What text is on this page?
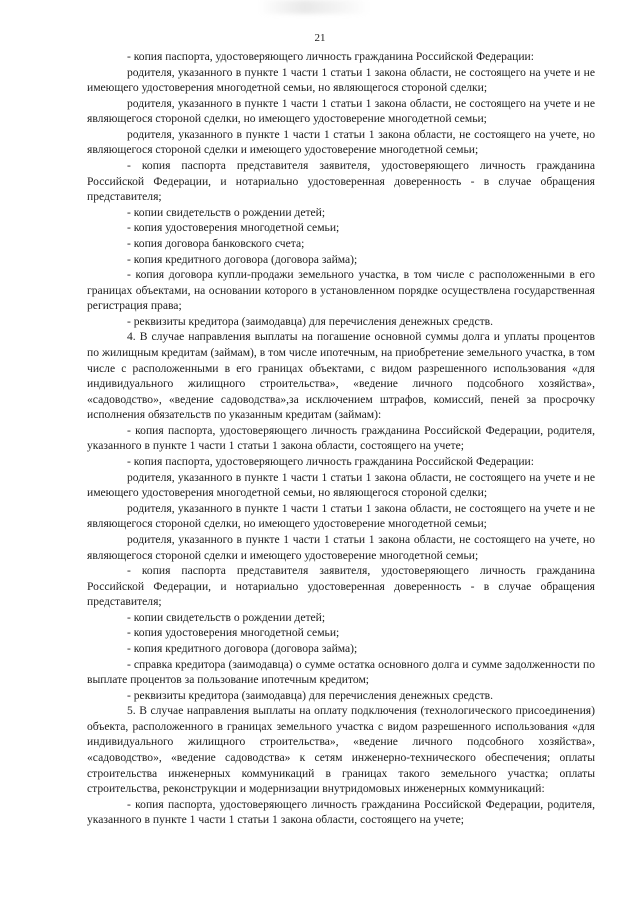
21

- копия паспорта, удостоверяющего личность гражданина Российской Федерации:

родителя, указанного в пункте 1 части 1 статьи 1 закона области, не состоящего на учете и не имеющего удостоверения многодетной семьи, но являющегося стороной сделки;

родителя, указанного в пункте 1 части 1 статьи 1 закона области, не состоящего на учете и не являющегося стороной сделки, но имеющего удостоверение многодетной семьи;

родителя, указанного в пункте 1 части 1 статьи 1 закона области, не состоящего на учете, но являющегося стороной сделки и имеющего удостоверение многодетной семьи;

- копия паспорта представителя заявителя, удостоверяющего личность гражданина Российской Федерации, и нотариально удостоверенная доверенность - в случае обращения представителя;

- копии свидетельств о рождении детей;

- копия удостоверения многодетной семьи;

- копия договора банковского счета;

- копия кредитного договора (договора займа);

- копия договора купли-продажи земельного участка, в том числе с расположенными в его границах объектами, на основании которого в установленном порядке осуществлена государственная регистрация права;

- реквизиты кредитора (заимодавца) для перечисления денежных средств.

4. В случае направления выплаты на погашение основной суммы долга и уплаты процентов по жилищным кредитам (займам), в том числе ипотечным, на приобретение земельного участка, в том числе с расположенными в его границах объектами, с видом разрешенного использования «для индивидуального жилищного строительства», «ведение личного подсобного хозяйства», «садоводство», «ведение садоводства»,за исключением штрафов, комиссий, пеней за просрочку исполнения обязательств по указанным кредитам (займам):

- копия паспорта, удостоверяющего личность гражданина Российской Федерации, родителя, указанного в пункте 1 части 1 статьи 1 закона области, состоящего на учете;

- копия паспорта, удостоверяющего личность гражданина Российской Федерации:

родителя, указанного в пункте 1 части 1 статьи 1 закона области, не состоящего на учете и не имеющего удостоверения многодетной семьи, но являющегося стороной сделки;

родителя, указанного в пункте 1 части 1 статьи 1 закона области, не состоящего на учете и не являющегося стороной сделки, но имеющего удостоверение многодетной семьи;

родителя, указанного в пункте 1 части 1 статьи 1 закона области, не состоящего на учете, но являющегося стороной сделки и имеющего удостоверение многодетной семьи;

- копия паспорта представителя заявителя, удостоверяющего личность гражданина Российской Федерации, и нотариально удостоверенная доверенность - в случае обращения представителя;

- копии свидетельств о рождении детей;

- копия удостоверения многодетной семьи;

- копия кредитного договора (договора займа);

- справка кредитора (заимодавца) о сумме остатка основного долга и сумме задолженности по выплате процентов за пользование ипотечным кредитом;

- реквизиты кредитора (заимодавца) для перечисления денежных средств.

5. В случае направления выплаты на оплату подключения (технологического присоединения) объекта, расположенного в границах земельного участка с видом разрешенного использования «для индивидуального жилищного строительства», «ведение личного подсобного хозяйства», «садоводство», «ведение садоводства» к сетям инженерно-технического обеспечения; оплаты строительства инженерных коммуникаций в границах такого земельного участка; оплаты строительства, реконструкции и модернизации внутридомовых инженерных коммуникаций:

- копия паспорта, удостоверяющего личность гражданина Российской Федерации, родителя, указанного в пункте 1 части 1 статьи 1 закона области, состоящего на учете;
